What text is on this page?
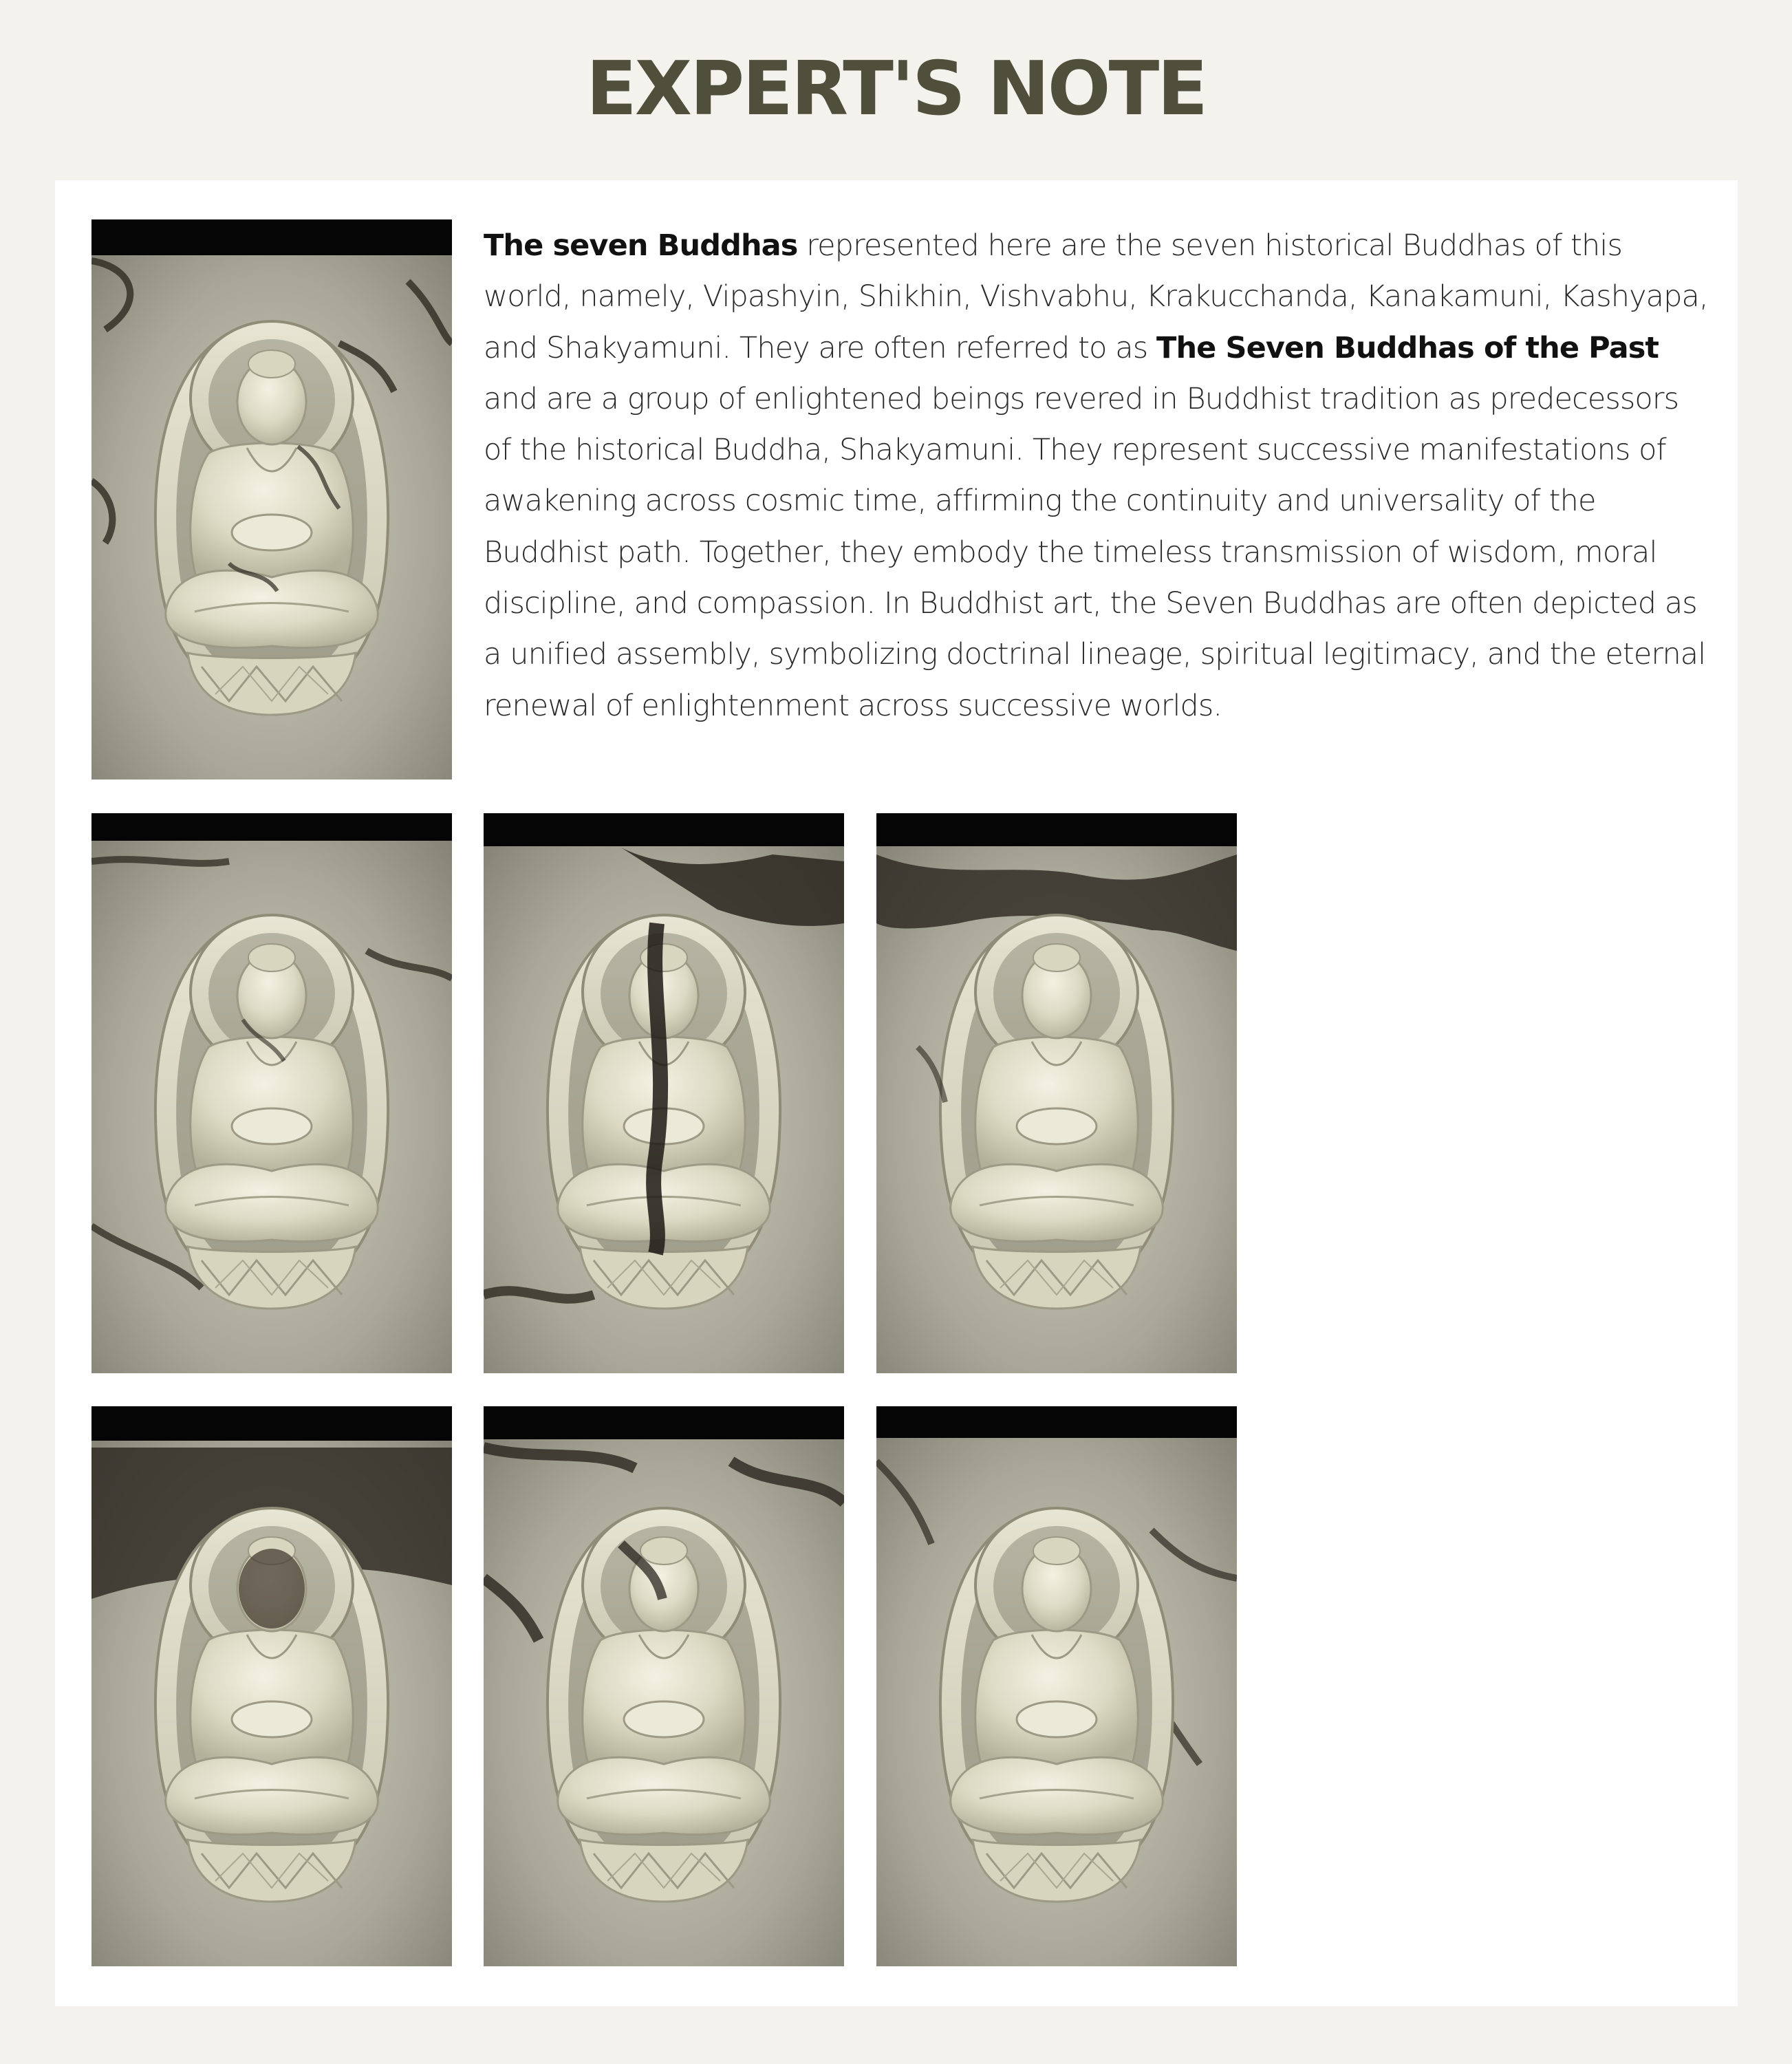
EXPERT'S NOTE

The seven Buddhas represented here are the seven historical Buddhas of this world, namely, Vipashyin, Shikhin, Vishvabhu, Krakucchanda, Kanakamuni, Kashyapa, and Shakyamuni. They are often referred to as The Seven Buddhas of the Past and are a group of enlightened beings revered in Buddhist tradition as predecessors of the historical Buddha, Shakyamuni. They represent successive manifestations of awakening across cosmic time, affirming the continuity and universality of the Buddhist path. Together, they embody the timeless transmission of wisdom, moral discipline, and compassion. In Buddhist art, the Seven Buddhas are often depicted as a unified assembly, symbolizing doctrinal lineage, spiritual legitimacy, and the eternal renewal of enlightenment across successive worlds.
